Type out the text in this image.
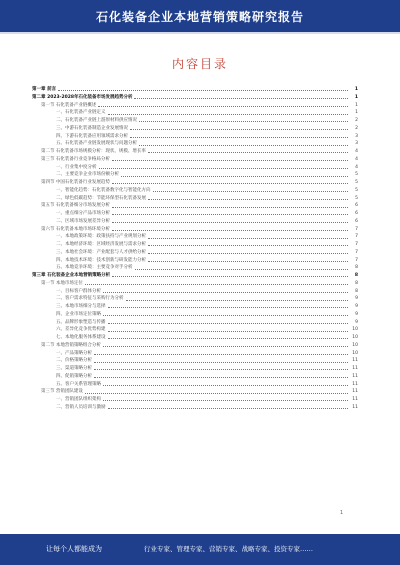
石化装备企业本地营销策略研究报告
内容目录
第一章 前言	1
第二章 2023-2028年石化装备市场发展趋势分析	1
第一节 石化装备产业链概述	1
一、石化装备产业链定义	1
二、石化装备产业链上游原材料供应情况	2
三、中游石化装备制造企业发展情况	2
四、下游石化装备应用领域需求分析	3
五、石化装备产业链发展现状与问题分析	3
第二节 石化装备市场规模分析：现状、规模、增长率	4
第三节 石化装备行业竞争格局分析	4
一、行业集中度分析	4
二、主要竞争企业市场份额分析	5
第四节 中国石化装备行业发展趋势	5
一、智能化趋势：石化装备数字化与智能化方向	5
二、绿色低碳趋势：节能环保型石化装备发展	5
第五节 石化装备细分市场发展分析	6
一、重点细分产品市场分析	6
二、区域市场发展差异分析	6
第六节 石化装备本地市场环境分析	7
一、本地政策环境：政策扶持与产业规划分析	7
二、本地经济环境：区域经济发展与需求分析	7
三、本地社会环境：产业配套与人才供给分析	7
四、本地技术环境：技术创新与研发能力分析	7
五、本地竞争环境：主要竞争对手分析	8
第三章 石化装备企业本地营销策略分析	8
第一节 本地市场定位	8
一、目标客户群体分析	8
二、客户需求特征与采购行为分析	9
三、本地市场细分与选择	9
四、企业市场定位策略	9
五、品牌形象塑造与传播	9
六、差异化竞争优势构建	10
七、本地化服务体系建设	10
第二节 本地营销策略组合分析	10
一、产品策略分析	10
二、价格策略分析	11
三、渠道策略分析	11
四、促销策略分析	11
五、客户关系管理策略	11
第三节 营销团队建设	11
一、营销团队组织架构	11
二、营销人员培训与激励	11
1
让每个人都能成为	行业专家、管理专家、营销专家、战略专家、投资专家……
